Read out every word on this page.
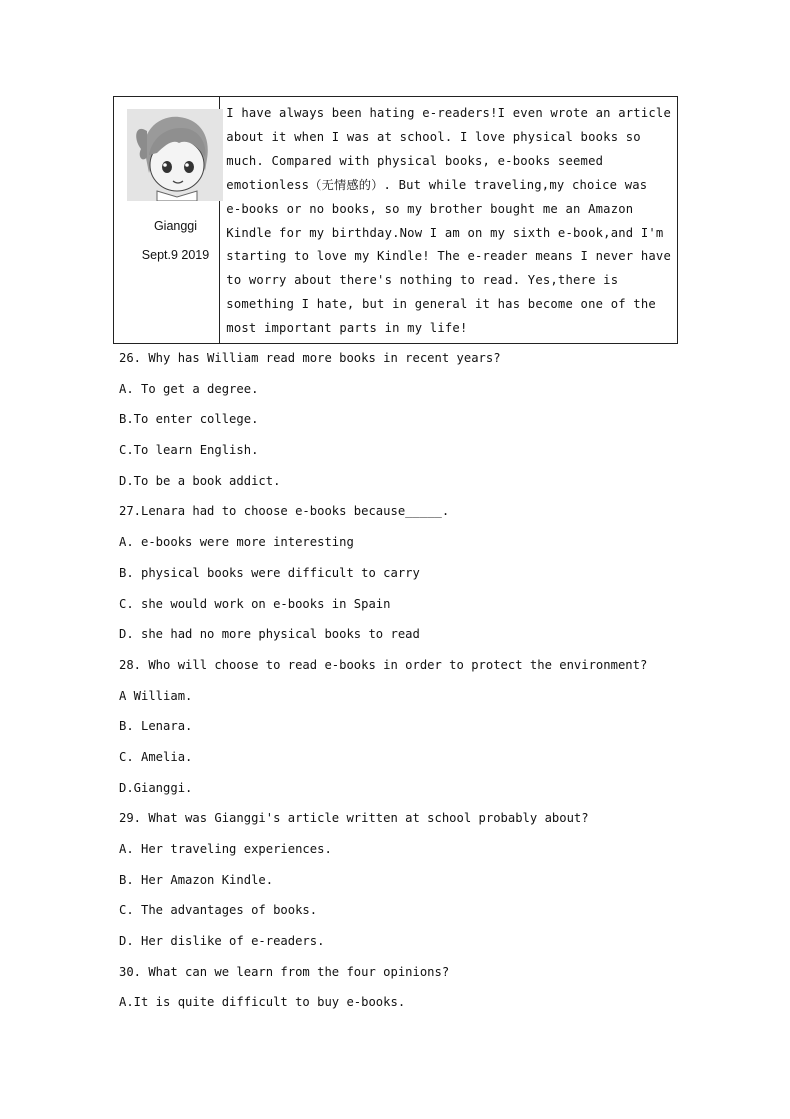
Gianggi
Sept.9 2019
I have always been hating e-readers!I even wrote an article
about it when I was at school. I love physical books so
much. Compared with physical books, e-books seemed
emotionless（无情感的）. But while traveling,my choice was
e-books or no books, so my brother bought me an Amazon
Kindle for my birthday.Now I am on my sixth e-book,and I'm
starting to love my Kindle! The e-reader means I never have
to worry about there's nothing to read. Yes,there is
something I hate, but in general it has become one of the
most important parts in my life!
26. Why has William read more books in recent years?
A. To get a degree.
B.To enter college.
C.To learn English.
D.To be a book addict.
27.Lenara had to choose e-books because_____.
A. e-books were more interesting
B. physical books were difficult to carry
C. she would work on e-books in Spain
D. she had no more physical books to read
28. Who will choose to read e-books in order to protect the environment?
A William.
B. Lenara.
C. Amelia.
D.Gianggi.
29. What was Gianggi's article written at school probably about?
A. Her traveling experiences.
B. Her Amazon Kindle.
C. The advantages of books.
D. Her dislike of e-readers.
30. What can we learn from the four opinions?
A.It is quite difficult to buy e-books.
